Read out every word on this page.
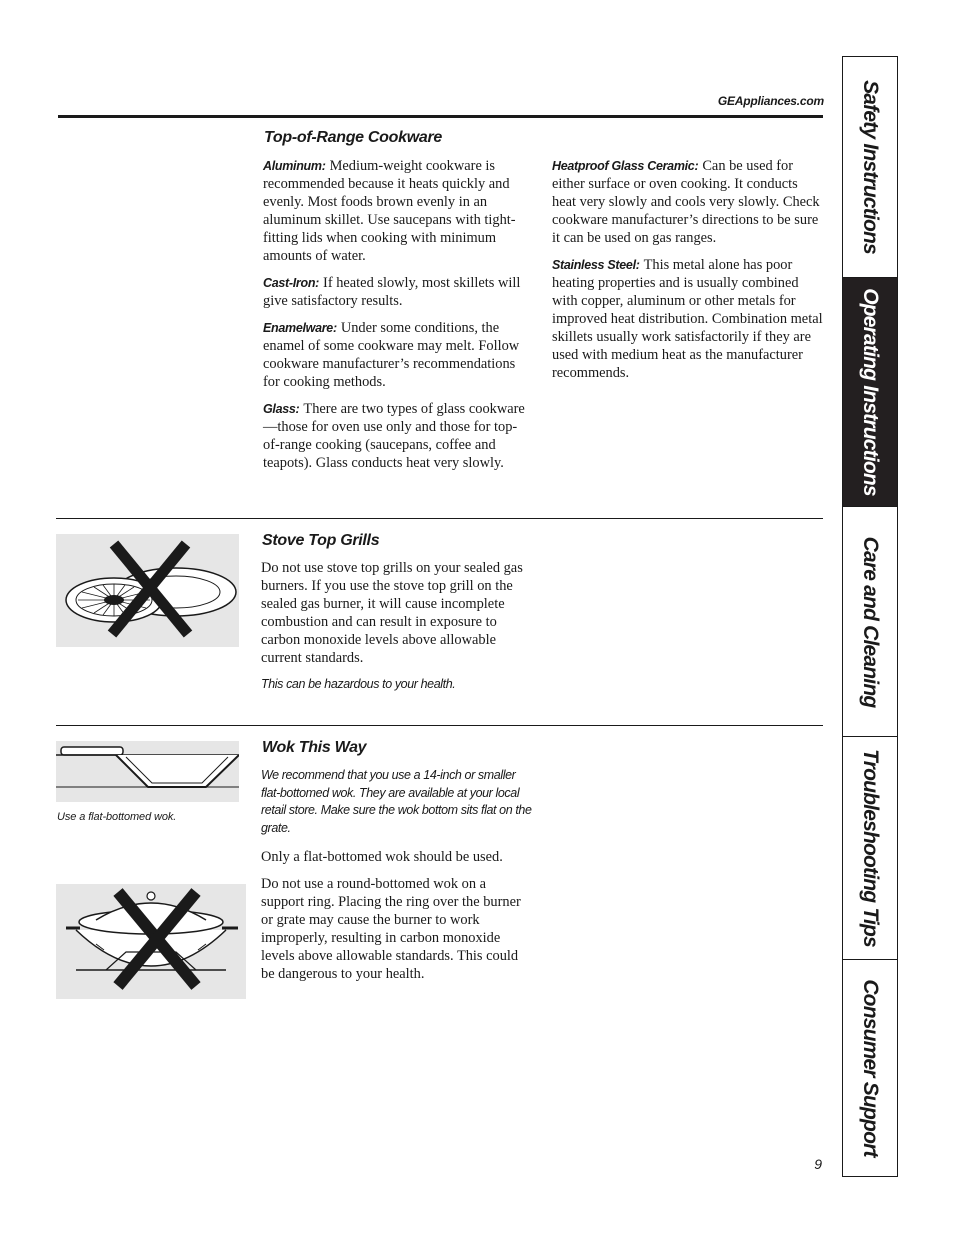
GEAppliances.com
Top-of-Range Cookware

Aluminum: Medium-weight cookware is recommended because it heats quickly and evenly. Most foods brown evenly in an aluminum skillet. Use saucepans with tight-fitting lids when cooking with minimum amounts of water.

Cast-Iron: If heated slowly, most skillets will give satisfactory results.

Enamelware: Under some conditions, the enamel of some cookware may melt. Follow cookware manufacturer’s recommendations for cooking methods.

Glass: There are two types of glass cookware—those for oven use only and those for top-of-range cooking (saucepans, coffee and teapots). Glass conducts heat very slowly.

Heatproof Glass Ceramic: Can be used for either surface or oven cooking. It conducts heat very slowly and cools very slowly. Check cookware manufacturer’s directions to be sure it can be used on gas ranges.

Stainless Steel: This metal alone has poor heating properties and is usually combined with copper, aluminum or other metals for improved heat distribution. Combination metal skillets usually work satisfactorily if they are used with medium heat as the manufacturer recommends.

Stove Top Grills

Do not use stove top grills on your sealed gas burners. If you use the stove top grill on the sealed gas burner, it will cause incomplete combustion and can result in exposure to carbon monoxide levels above allowable current standards.

This can be hazardous to your health.

Use a flat-bottomed wok.
Wok This Way

We recommend that you use a 14-inch or smaller flat-bottomed wok. They are available at your local retail store. Make sure the wok bottom sits flat on the grate.

Only a flat-bottomed wok should be used.

Do not use a round-bottomed wok on a support ring. Placing the ring over the burner or grate may cause the burner to work improperly, resulting in carbon monoxide levels above allowable standards. This could be dangerous to your health.

Safety Instructions
Operating Instructions
Care and Cleaning
Troubleshooting Tips
Consumer Support
9
